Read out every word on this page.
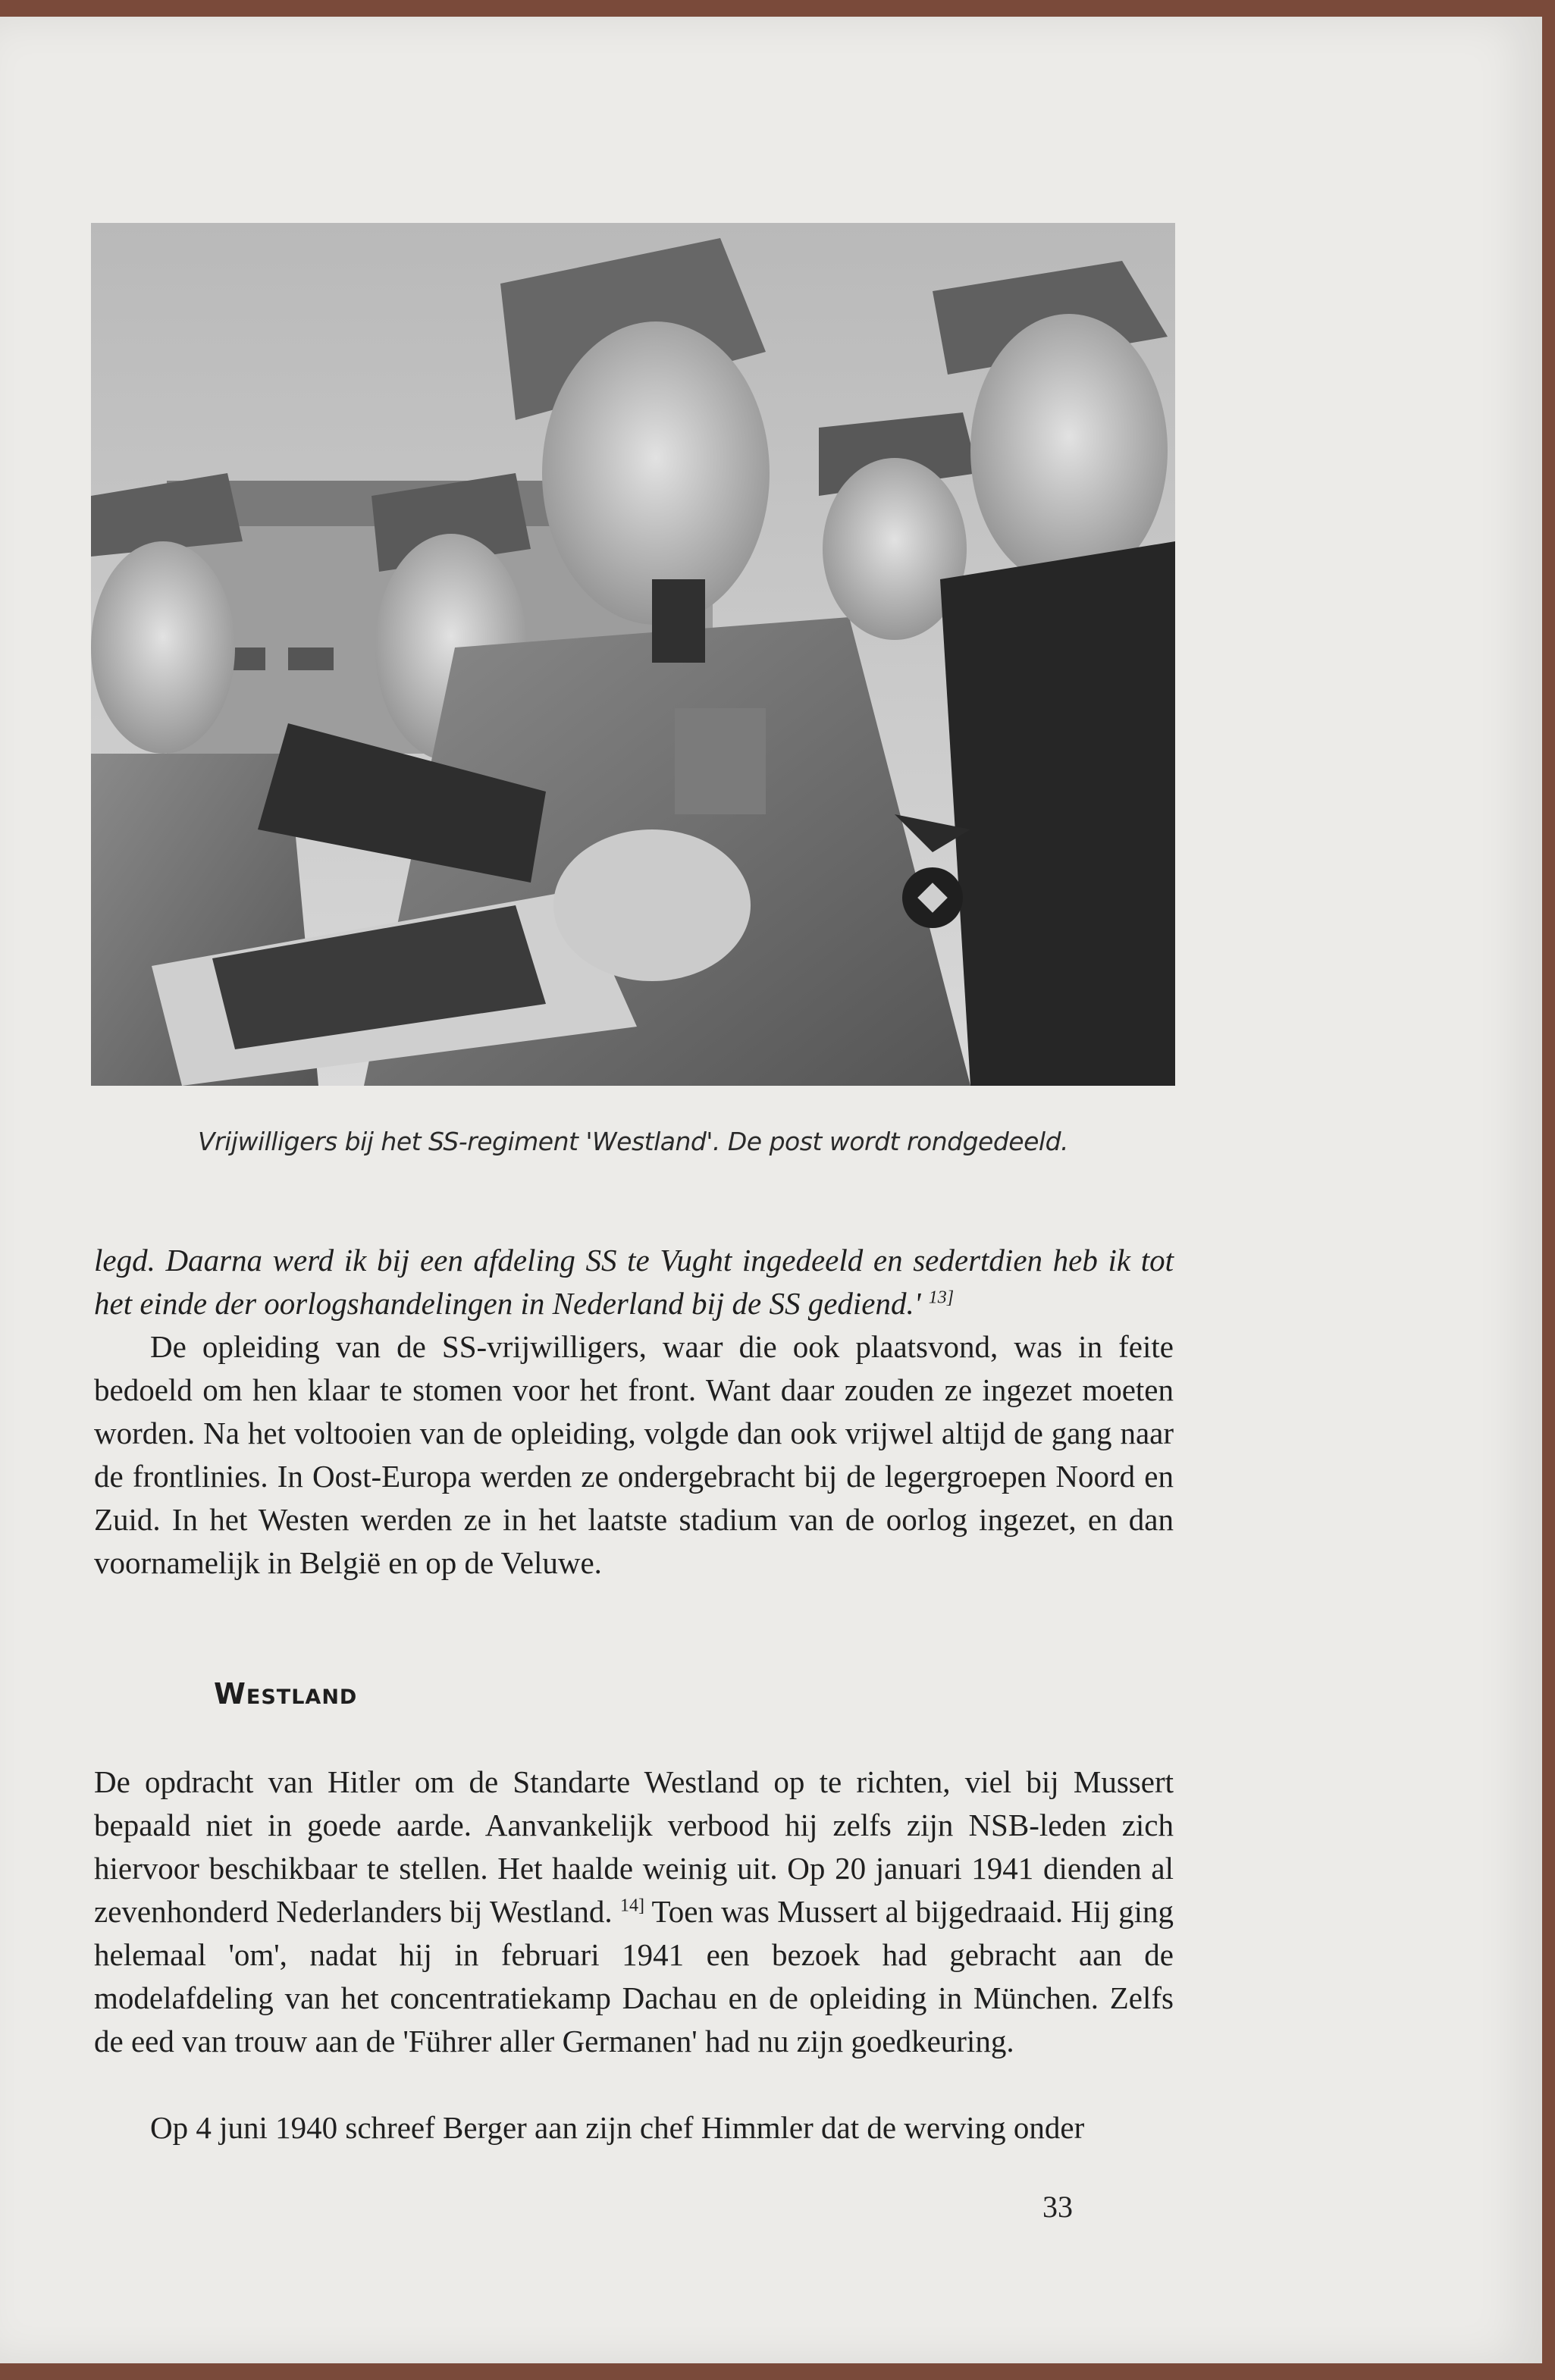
Vrijwilligers bij het SS-regiment 'Westland'. De post wordt rondgedeeld.
legd. Daarna werd ik bij een afdeling SS te Vught ingedeeld en sedertdien heb ik tot het einde der oorlogshandelingen in Nederland bij de SS gediend.' $^{13]}$

De opleiding van de SS-vrijwilligers, waar die ook plaatsvond, was in feite bedoeld om hen klaar te stomen voor het front. Want daar zouden ze ingezet moeten worden. Na het voltooien van de opleiding, volgde dan ook vrijwel altijd de gang naar de frontlinies. In Oost-Europa werden ze ondergebracht bij de legergroepen Noord en Zuid. In het Westen werden ze in het laatste stadium van de oorlog ingezet, en dan voornamelijk in België en op de Veluwe.

Westland

De opdracht van Hitler om de Standarte Westland op te richten, viel bij Mussert bepaald niet in goede aarde. Aanvankelijk verbood hij zelfs zijn NSB-leden zich hiervoor beschikbaar te stellen. Het haalde weinig uit. Op 20 januari 1941 dienden al zevenhonderd Nederlanders bij Westland. $^{14]}$ Toen was Mussert al bijgedraaid. Hij ging helemaal 'om', nadat hij in februari 1941 een bezoek had gebracht aan de modelafdeling van het concentratiekamp Dachau en de opleiding in München. Zelfs de eed van trouw aan de 'Führer aller Germanen' had nu zijn goedkeuring.

Op 4 juni 1940 schreef Berger aan zijn chef Himmler dat de werving onder

33
